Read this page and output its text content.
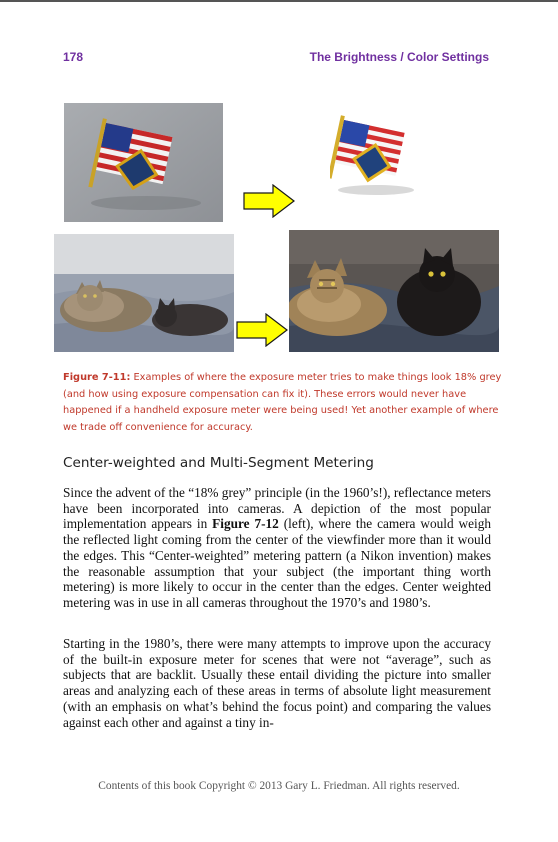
178	The Brightness / Color Settings

Figure 7-11: Examples of where the exposure meter tries to make things look 18% grey (and how using exposure compensation can fix it). These errors would never have happened if a handheld exposure meter were being used! Yet another example of where we trade off convenience for accuracy.

Center-weighted and Multi-Segment Metering

Since the advent of the “18% grey” principle (in the 1960’s!), reflectance meters have been incorporated into cameras. A depiction of the most popular implementation appears in Figure 7-12 (left), where the camera would weigh the reflected light coming from the center of the viewfinder more than it would the edges. This “Center-weighted” metering pattern (a Nikon invention) makes the reasonable assumption that your subject (the important thing worth metering) is more likely to occur in the center than the edges. Center weighted metering was in use in all cameras throughout the 1970’s and 1980’s.

Starting in the 1980’s, there were many attempts to improve upon the accuracy of the built-in exposure meter for scenes that were not “average”, such as subjects that are backlit. Usually these entail dividing the picture into smaller areas and analyzing each of these areas in terms of absolute light measurement (with an emphasis on what’s behind the focus point) and comparing the values against each other and against a tiny in-

Contents of this book Copyright © 2013 Gary L. Friedman. All rights reserved.
